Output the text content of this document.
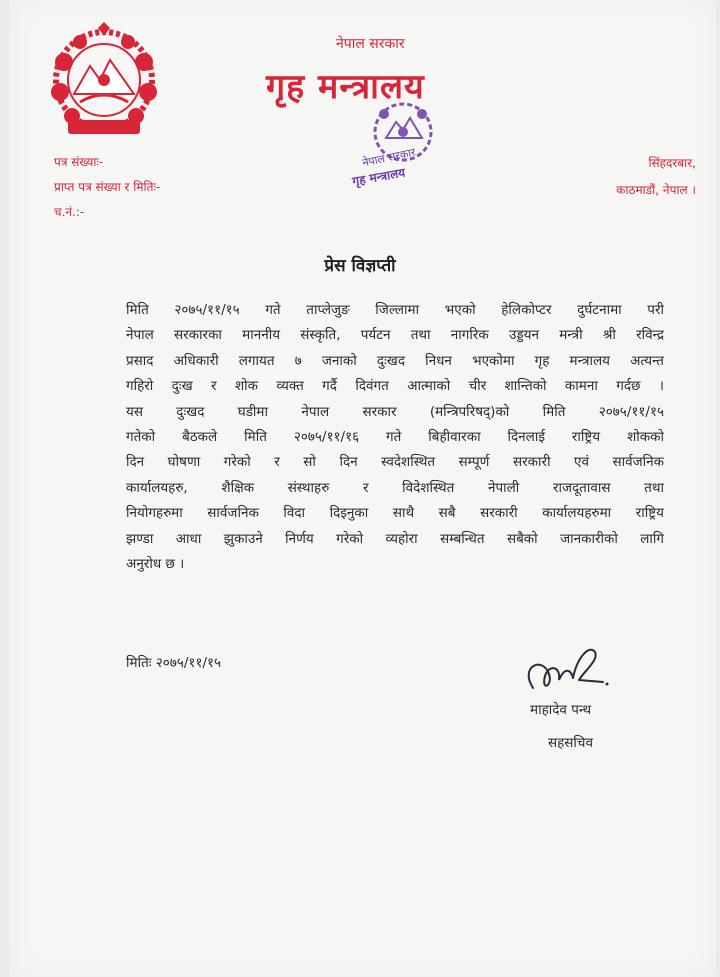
नेपाल सरकार
गृह मन्त्रालय
नेपाल सरकार
गृह मन्त्रालय
पत्र संख्याः-
प्राप्त पत्र संख्या र मितिः-
च.नं.:-
सिंहदरबार,
काठमाडौं, नेपाल ।
प्रेस विज्ञप्ती
मिति २०७५/११/१५ गते ताप्लेजुङ जिल्लामा भएको हेलिकोप्टर दुर्घटनामा परी
नेपाल सरकारका माननीय संस्कृति, पर्यटन तथा नागरिक उड्डयन मन्त्री श्री रविन्द्र
प्रसाद अधिकारी लगायत ७ जनाको दुःखद निधन भएकोमा गृह मन्त्रालय अत्यन्त
गहिरो दुःख र शोक व्यक्त गर्दै दिवंगत आत्माको चीर शान्तिको कामना गर्दछ ।
यस दुःखद घडीमा नेपाल सरकार (मन्त्रिपरिषद्)को मिति २०७५/११/१५
गतेको बैठकले मिति २०७५/११/१६ गते बिहीवारका दिनलाई राष्ट्रिय शोकको
दिन घोषणा गरेको र सो दिन स्वदेशस्थित सम्पूर्ण सरकारी एवं सार्वजनिक
कार्यालयहरु, शैक्षिक संस्थाहरु र विदेशस्थित नेपाली राजदूतावास तथा
नियोगहरुमा सार्वजनिक विदा दिइनुका साथै सबै सरकारी कार्यालयहरुमा राष्ट्रिय
झण्डा आधा झुकाउने निर्णय गरेको व्यहोरा सम्बन्धित सबैको जानकारीको लागि
अनुरोध छ ।
मितिः २०७५/११/१५
माहादेव पन्थ
सहसचिव
